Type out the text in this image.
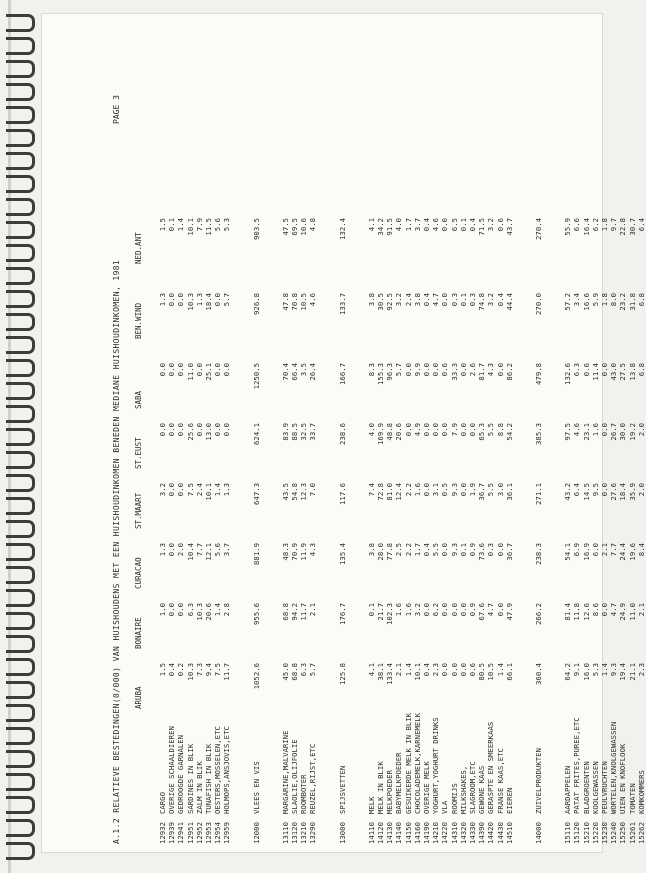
A.1.2 RELATIEVE BESTEDINGEN(0/000) VAN HUISHOUDENS MET EEN HUISHOUDINKOMEN BENEDEN MEDIANE HUISHOUDINKOMEN, 1981
PAGE 3
ARUBA
BONAIRE
CURACAO
ST.MAART
ST.EUST
SABA
BEN.WIND
NED.ANT
12932
CARGO
1.5
1.0
1.3
3.2
0.0
0.0
1.3
1.5
12939
OVERIGE SCHAALDIEREN
0.4
0.0
0.0
0.0
0.0
0.0
0.0
0.1
12941
GEDROOGDE GARNALEN
0.2
0.0
2.0
0.0
0.0
0.0
0.0
1.4
12951
SARDINES IN BLIK
10.3
6.3
10.4
7.5
25.6
11.0
10.3
10.1
12952
ZALM IN BLIK
7.3
10.3
7.7
2.4
0.0
0.0
1.3
7.9
12953
TUNAFISH IN BLIK
9.4
20.6
12.1
10.1
13.0
25.1
18.4
11.5
12954
OESTERS,MOSSELEN,ETC
7.5
1.4
5.6
1.4
0.0
0.0
0.0
5.6
12959
HOLMOPS,ANSJOVIS,ETC
11.7
2.8
3.7
1.3
0.0
0.0
5.7
5.3
12000
VLEES EN VIS
1052.6
955.6
881.9
647.3
624.1
1250.5
926.8
903.5
13110
MARGARINE,MALVARINE
45.0
68.8
48.3
43.5
83.9
70.4
47.8
47.5
13120
SLAOLIE,OLIJFOLIE
68.8
94.2
70.9
54.8
88.5
66.4
70.8
69.5
13210
ROOMBOTER
6.3
11.7
11.9
12.3
32.5
3.5
10.5
10.6
13290
REUZEL,RIJST,ETC
5.7
2.1
4.3
7.0
33.7
26.4
4.6
4.8
13000
SPIJSVETTEN
125.8
176.7
135.4
117.6
238.6
166.7
133.7
132.4
14110
MELK
4.1
0.1
3.8
7.4
4.0
8.3
3.8
4.1
14120
MELK IN BLIK
38.1
21.7
28.0
72.8
169.9
155.3
30.5
34.2
14130
MELKPOEDER
133.4
102.3
77.8
81.0
48.8
96.3
92.5
91.5
14140
BABYMELKPOEDER
2.1
1.6
2.5
12.4
20.6
5.7
3.2
4.0
14150
GESUIKERDE MELK IN BLIK
1.4
1.6
2.2
2.2
0.0
0.0
2.4
1.7
14160
CHOCOLADEMELK,KARNEMELK
10.1
3.2
1.7
1.6
4.9
9.9
3.8
3.7
14190
OVERIGE MELK
0.4
0.0
0.4
0.0
0.0
0.0
0.4
0.4
14210
YOGHURT,YOGHURT DRINKS
2.3
6.2
5.5
3.1
0.0
0.0
4.7
4.6
14220
VLA
0.0
0.0
0.0
0.5
0.0
0.6
0.0
0.0
14310
ROOMIJS
0.0
0.0
9.3
9.3
7.9
33.3
0.3
6.5
14320
MILKSHAKES,
0.0
0.0
0.1
0.0
0.0
0.0
0.1
0.1
14330
SLAGROOM,ETC
0.6
0.9
0.9
1.9
0.0
2.6
0.3
0.4
14390
GEWONE KAAS
80.5
67.6
73.6
36.7
65.3
81.7
74.8
71.5
14420
GERASPTE EN SMEERKAAS
10.5
4.7
0.3
5.5
5.5
4.3
3.2
3.2
14430
FRANSE KAAS,ETC
1.4
0.0
0.0
3.0
8.8
0.0
0.4
0.6
14510
EIEREN
66.1
47.9
36.7
36.1
54.2
86.2
44.4
43.7
14000
ZUIVELPRODUKTEN
360.4
266.2
238.3
271.1
385.3
479.8
270.0
270.4
15110
AARDAPPELEN
64.2
81.4
54.1
43.2
97.5
132.6
57.2
55.9
15120
PATAT FRITES,PUREE,ETC
9.1
11.8
6.9
6.4
4.6
6.3
3.4
6.6
15210
BLADGROENTEN
16.0
12.6
16.9
14.5
23.1
0.6
16.6
16.4
15220
KOOLGEWASSEN
5.3
8.6
6.0
9.5
1.6
11.4
5.9
6.2
15230
PEULVRUCHTEN
1.4
0.0
2.1
0.0
0.0
0.0
1.8
1.8
15240
WORTELEN,KNOLGEWASSEN
9.3
4.7
7.7
27.6
26.7
43.0
8.0
9.7
15250
UIEN EN KNOFLOOK
19.4
24.9
24.4
18.4
30.0
27.5
23.2
22.8
15261
TOMATEN
21.1
11.0
19.6
35.9
19.2
13.8
31.8
30.7
15262
KOMKOMMERS
2.3
2.1
8.4
2.0
2.0
6.8
6.8
6.4
